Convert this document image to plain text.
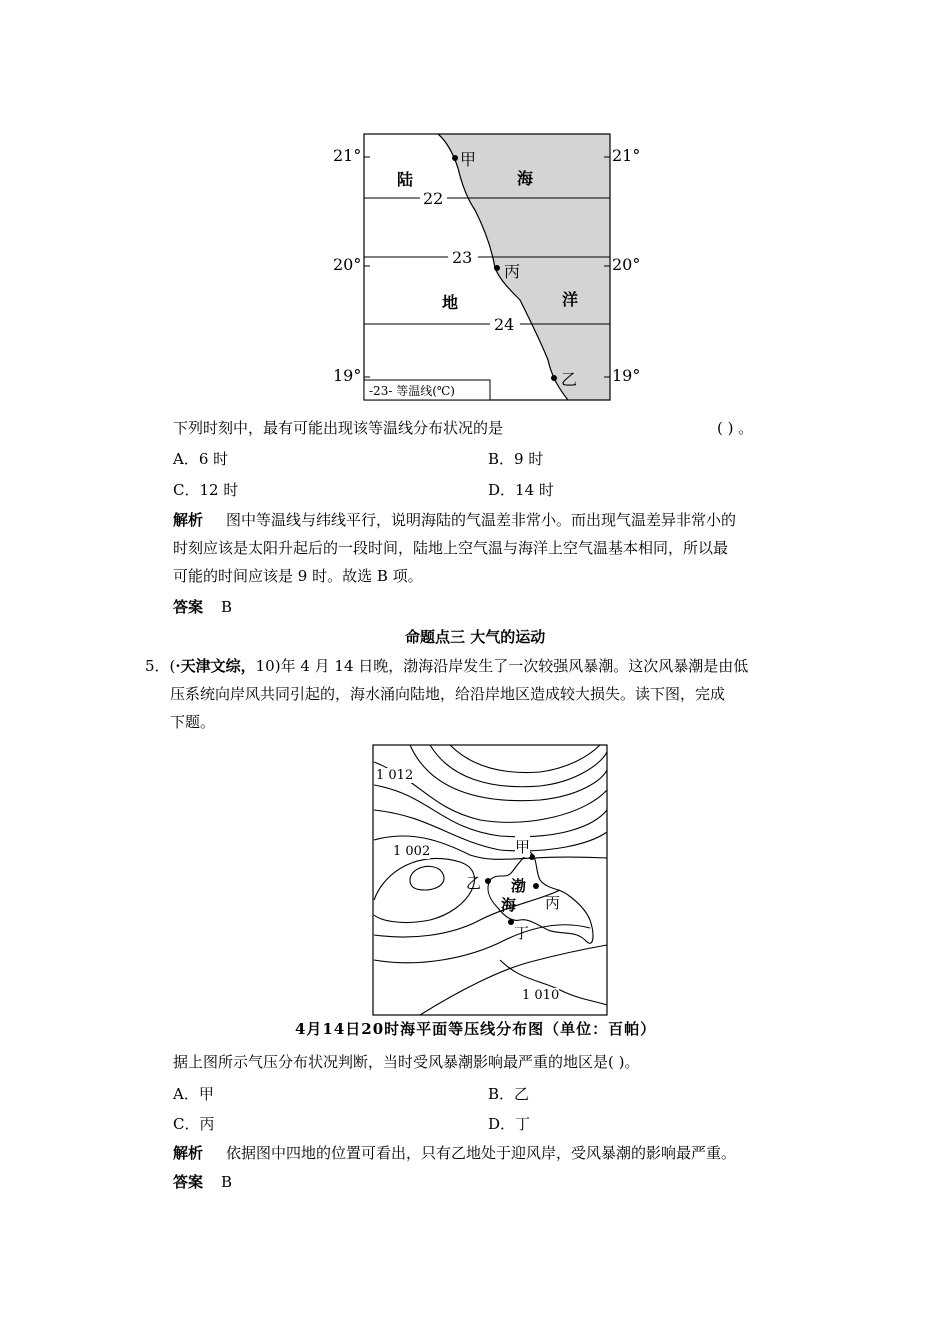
21°
20°
19°
21°
20°
19°
陆
地
海
洋
22
23
24
甲
丙
乙
-23- 等温线(℃)
下列时刻中，最有可能出现该等温线分布状况的是	( ) 。
A．6 时	B．9 时
C．12 时	D．14 时
解析 图中等温线与纬线平行，说明海陆的气温差非常小。而出现气温差异非常小的
时刻应该是太阳升起后的一段时间，陆地上空气温与海洋上空气温基本相同，所以最
可能的时间应该是 9 时。故选 B 项。
答案 B
命题点三 大气的运动
5．(·天津文综，10)年 4 月 14 日晚，渤海沿岸发生了一次较强风暴潮。这次风暴潮是由低
压系统向岸风共同引起的，海水涌向陆地，给沿岸地区造成较大损失。读下图，完成
下题。
1 012
1 002
1 010
甲
乙 渤
海 丙
丁
4月14日20时海平面等压线分布图（单位：百帕）
据上图所示气压分布状况判断，当时受风暴潮影响最严重的地区是( )。
A．甲	B．乙
C．丙	D．丁
解析 依据图中四地的位置可看出，只有乙地处于迎风岸，受风暴潮的影响最严重。
答案 B
